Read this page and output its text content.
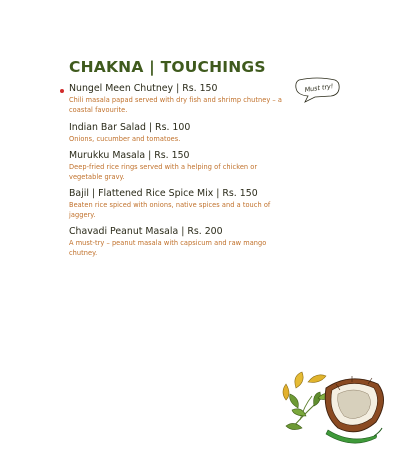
CHAKNA | TOUCHINGS
Nungel Meen Chutney | Rs. 150
Chili masala papad served with dry fish and shrimp chutney – a coastal favourite.
Indian Bar Salad | Rs. 100
Onions, cucumber and tomatoes.
Murukku Masala | Rs. 150
Deep-fried rice rings served with a helping of chicken or vegetable gravy.
Bajil | Flattened Rice Spice Mix | Rs. 150
Beaten rice spiced with onions, native spices and a touch of jaggery.
Chavadi Peanut Masala | Rs. 200
A must-try – peanut masala with capsicum and raw mango chutney.
Must try!
